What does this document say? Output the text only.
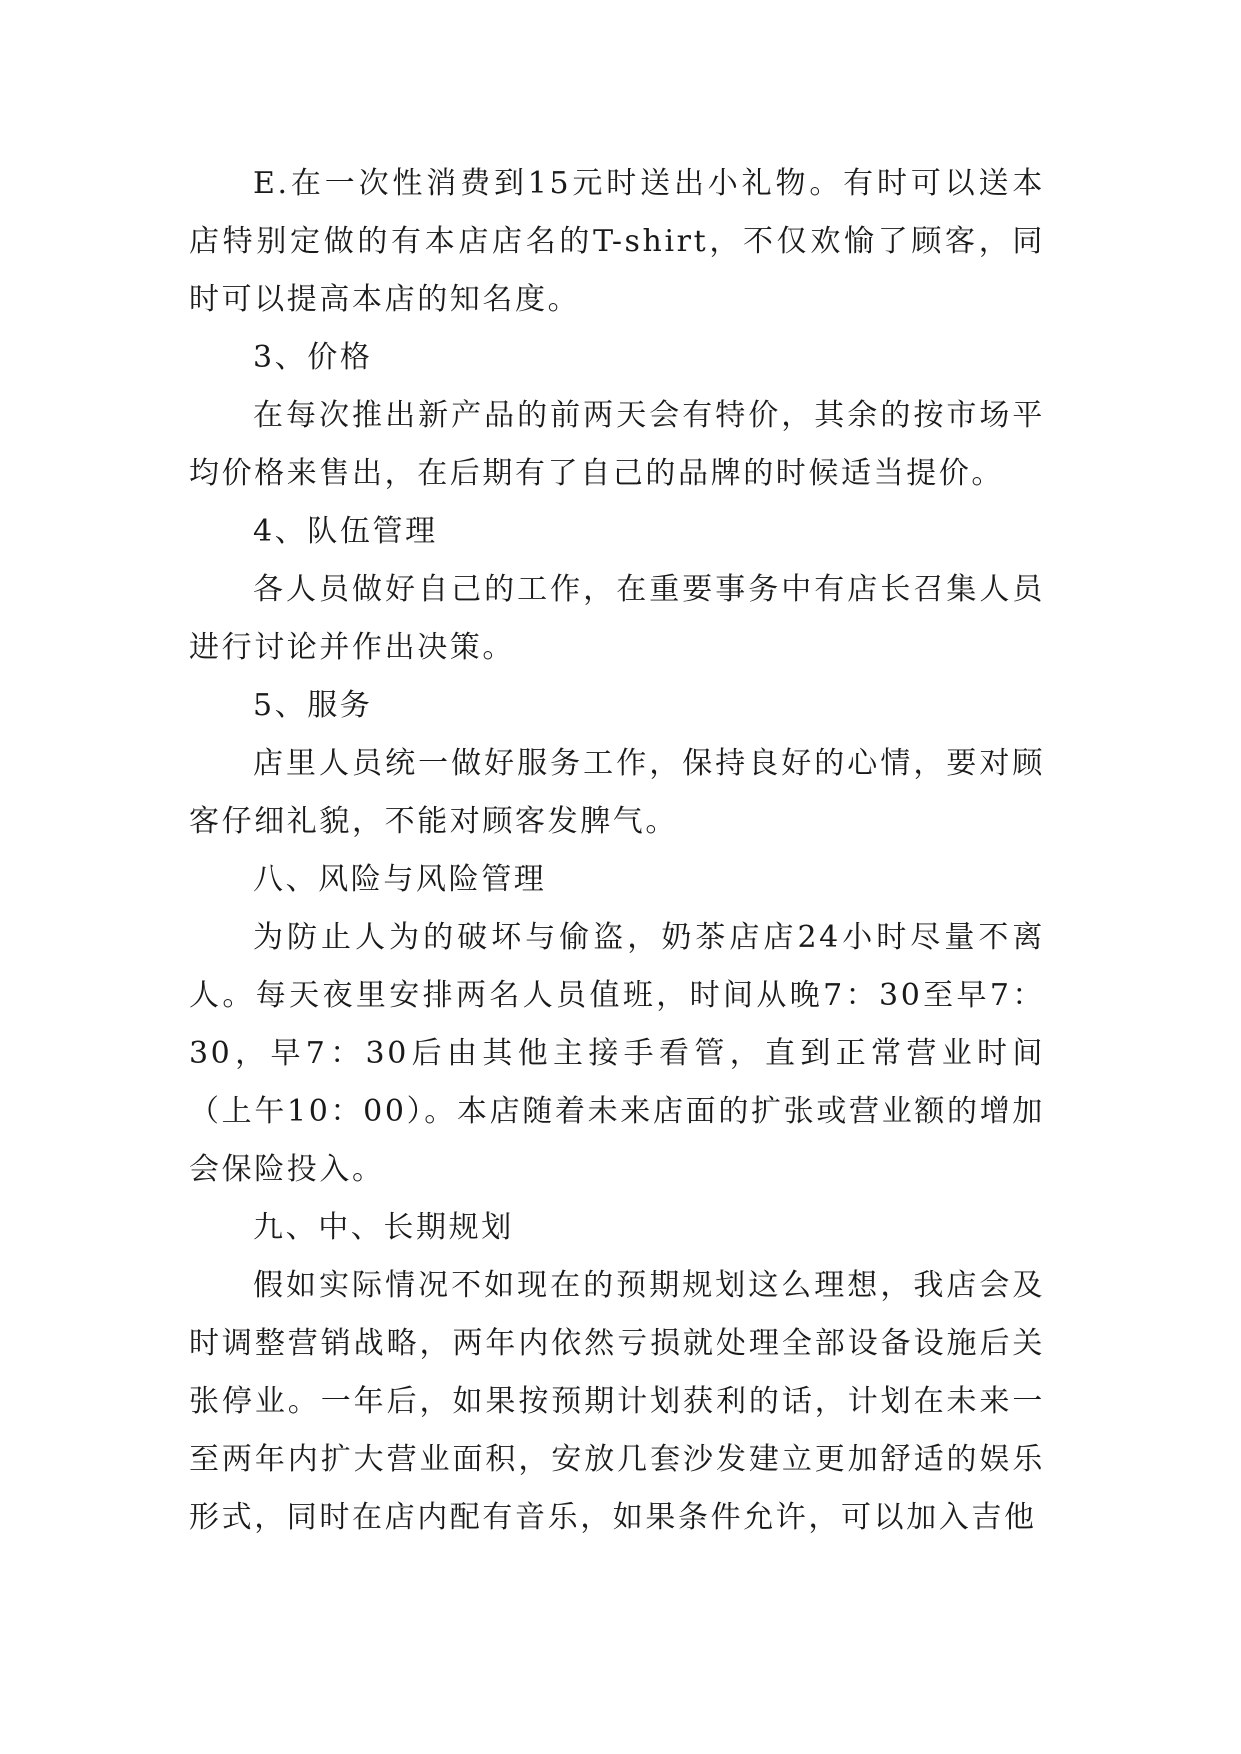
E.在一次性消费到15元时送出小礼物。有时可以送本店特别定做的有本店店名的T-shirt，不仅欢愉了顾客，同时可以提高本店的知名度。

3、价格

在每次推出新产品的前两天会有特价，其余的按市场平均价格来售出，在后期有了自己的品牌的时候适当提价。

4、队伍管理

各人员做好自己的工作，在重要事务中有店长召集人员进行讨论并作出决策。

5、服务

店里人员统一做好服务工作，保持良好的心情，要对顾客仔细礼貌，不能对顾客发脾气。

八、风险与风险管理

为防止人为的破坏与偷盗，奶茶店店24小时尽量不离人。每天夜里安排两名人员值班，时间从晚7：30至早7：30，早7：30后由其他主接手看管，直到正常营业时间（上午10：00）。本店随着未来店面的扩张或营业额的增加会保险投入。

九、中、长期规划

假如实际情况不如现在的预期规划这么理想，我店会及时调整营销战略，两年内依然亏损就处理全部设备设施后关张停业。一年后，如果按预期计划获利的话，计划在未来一至两年内扩大营业面积，安放几套沙发建立更加舒适的娱乐形式，同时在店内配有音乐，如果条件允许，可以加入吉他
